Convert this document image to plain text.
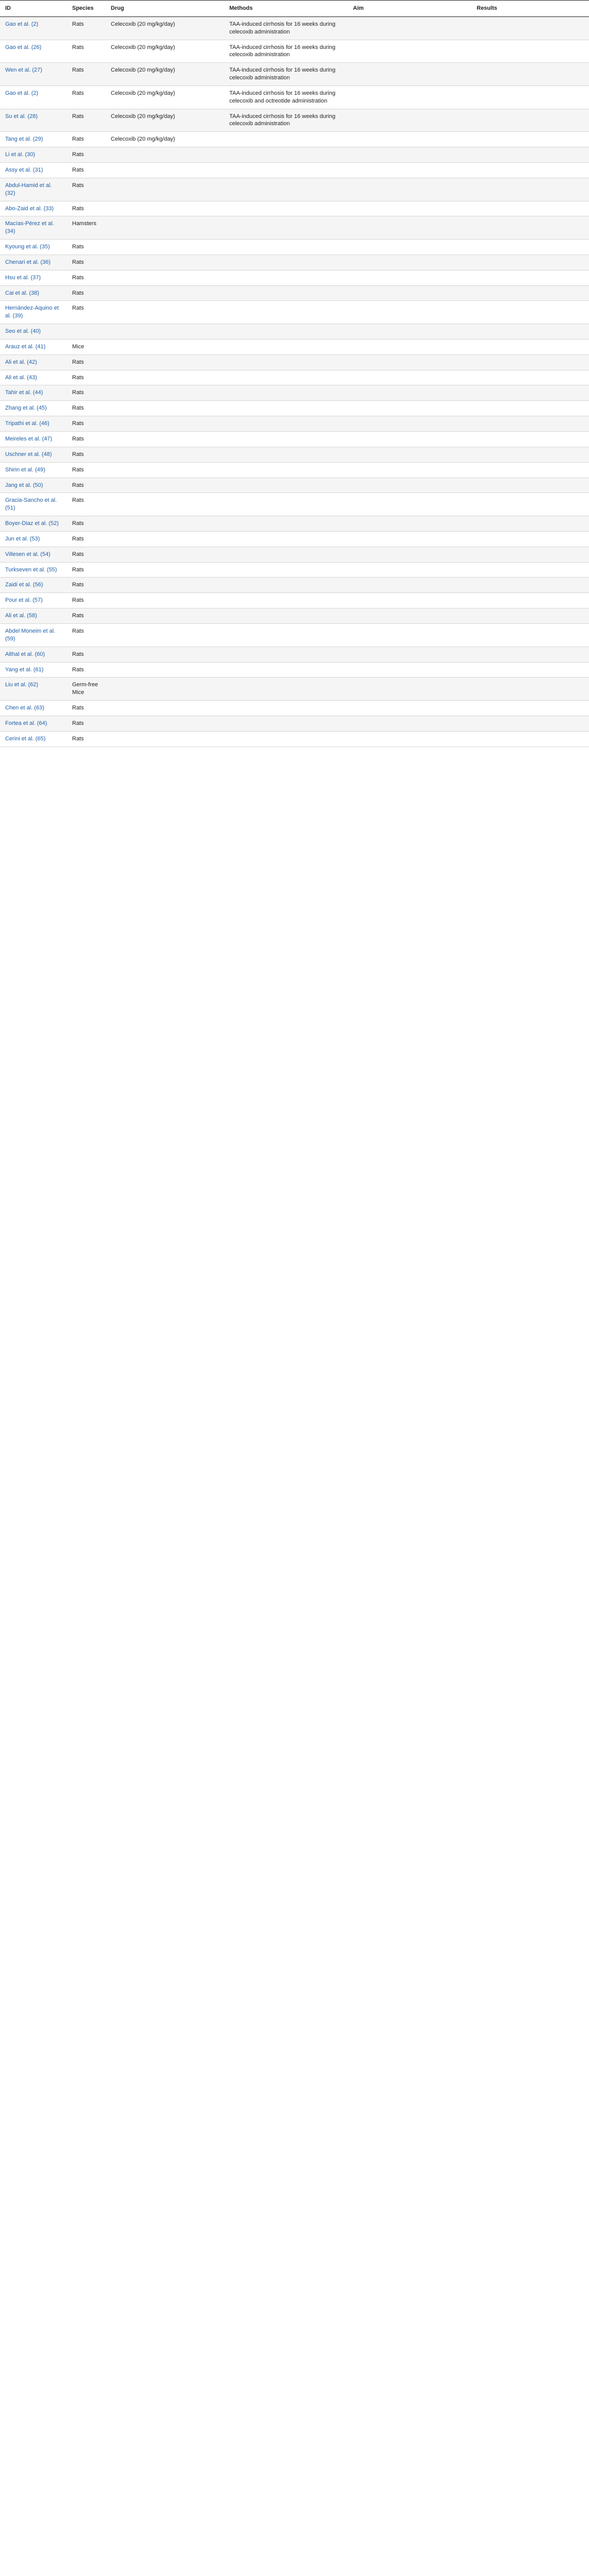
ID	Species	Drug	Methods	Aim	Results
Gao et al. (2)	Rats	Celecoxib (20 mg/kg/day)	TAA-induced cirrhosis for 16 weeks during celecoxib administration		
Gao et al. (26)	Rats	Celecoxib (20 mg/kg/day)	TAA-induced cirrhosis for 16 weeks during celecoxib administration		
Wen et al. (27)	Rats	Celecoxib (20 mg/kg/day)	TAA-induced cirrhosis for 16 weeks during celecoxib administration		
Gao et al. (2)	Rats	Celecoxib (20 mg/kg/day)	TAA-induced cirrhosis for 16 weeks during celecoxib and octreotide administration		
Su et al. (28)	Rats	Celecoxib (20 mg/kg/day)	TAA-induced cirrhosis for 16 weeks during celecoxib administration		
Tang et al. (29)	Rats	Celecoxib (20 mg/kg/day)			
Li et al. (30)	Rats				
Assy et al. (31)	Rats				
Abdul-Hamid et al. (32)	Rats				
Abo-Zaid et al. (33)	Rats				
Macías-Pérez et al. (34)	Hamsters				
Kyoung et al. (35)	Rats				
Chenari et al. (36)	Rats				
Hsu et al. (37)	Rats				
Cai et al. (38)	Rats				
Hernández-Aquino et al. (39)	Rats				
Seo et al. (40)					
Arauz et al. (41)	Mice				
Ali et al. (42)	Rats				
Ali et al. (43)	Rats				
Tahir et al. (44)	Rats				
Zhang et al. (45)	Rats				
Tripathi et al. (46)	Rats				
Meireles et al. (47)	Rats				
Uschner et al. (48)	Rats				
Shirin et al. (49)	Rats				
Jang et al. (50)	Rats				
Gracia-Sancho et al. (51)	Rats				
Boyer-Diaz et al. (52)	Rats				
Jun et al. (53)	Rats				
Villesen et al. (54)	Rats				
Turkseven et al. (55)	Rats				
Zaidi et al. (56)	Rats				
Pour et al. (57)	Rats				
Ali et al. (58)	Rats				
Abdel Moneim et al. (59)	Rats				
Althal et al. (60)	Rats				
Yang et al. (61)	Rats				
Liu et al. (62)	Germ-free Mice				
Chen et al. (63)	Rats				
Fortea et al. (64)	Rats				
Cerini et al. (65)	Rats				
